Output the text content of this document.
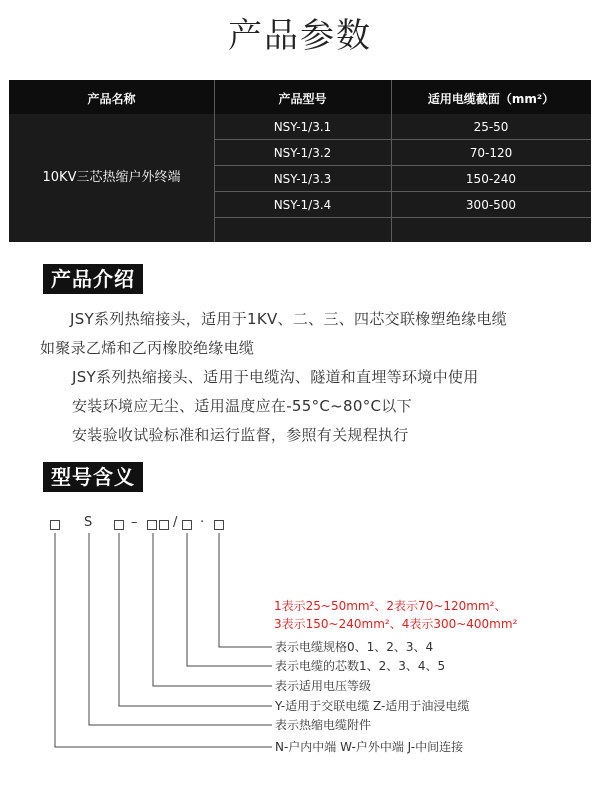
产品参数
产品名称	产品型号	适用电缆截面（mm²）
10KV三芯热缩户外终端
NSY-1/3.1	25-50
NSY-1/3.2	70-120
NSY-1/3.3	150-240
NSY-1/3.4	300-500
产品介绍
JSY系列热缩接头，适用于1KV、二、三、四芯交联橡塑绝缘电缆
如聚录乙烯和乙丙橡胶绝缘电缆
JSY系列热缩接头、适用于电缆沟、隧道和直埋等环境中使用
安装环境应无尘、适用温度应在-55°C~80°C以下
安装验收试验标准和运行监督，参照有关规程执行
型号含义
S	–	/ ·
1表示25~50mm²、2表示70~120mm²、
3表示150~240mm²、4表示300~400mm²
表示电缆规格0、1、2、3、4
表示电缆的芯数1、2、3、4、5
表示适用电压等级
Y-适用于交联电缆 Z-适用于油浸电缆
表示热缩电缆附件
N-户内中端 W-户外中端 J-中间连接
